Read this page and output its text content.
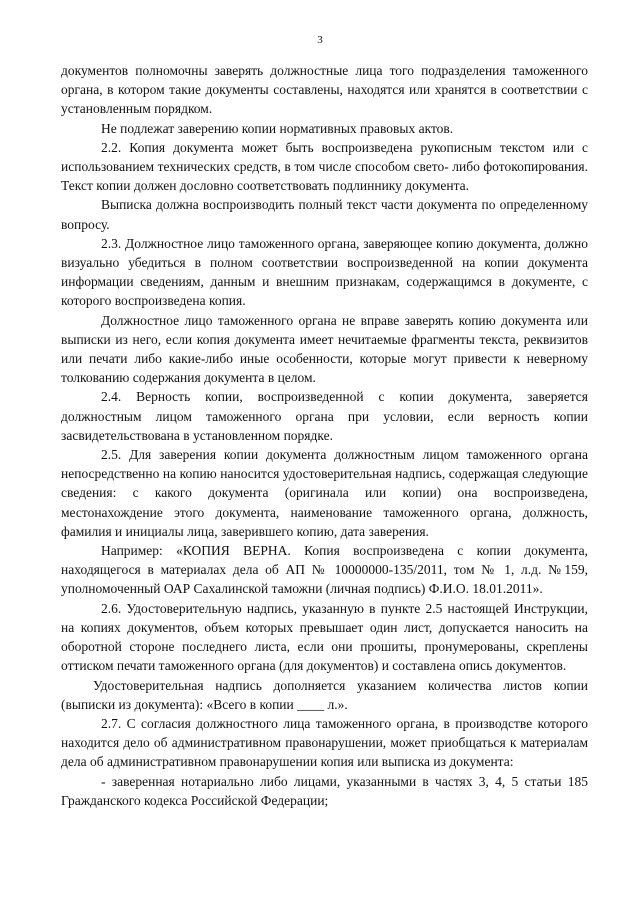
3

документов полномочны заверять должностные лица того подразделения таможенного органа, в котором такие документы составлены, находятся или хранятся в соответствии с установленным порядком.

Не подлежат заверению копии нормативных правовых актов.

2.2. Копия документа может быть воспроизведена рукописным текстом или с использованием технических средств, в том числе способом свето- либо фотокопирования. Текст копии должен дословно соответствовать подлиннику документа.

Выписка должна воспроизводить полный текст части документа по определенному вопросу.

2.3. Должностное лицо таможенного органа, заверяющее копию документа, должно визуально убедиться в полном соответствии воспроизведенной на копии документа информации сведениям, данным и внешним признакам, содержащимся в документе, с которого воспроизведена копия.

Должностное лицо таможенного органа не вправе заверять копию документа или выписки из него, если копия документа имеет нечитаемые фрагменты текста, реквизитов или печати либо какие-либо иные особенности, которые могут привести к неверному толкованию содержания документа в целом.

2.4. Верность копии, воспроизведенной с копии документа, заверяется должностным лицом таможенного органа при условии, если верность копии засвидетельствована в установленном порядке.

2.5. Для заверения копии документа должностным лицом таможенного органа непосредственно на копию наносится удостоверительная надпись, содержащая следующие сведения: с какого документа (оригинала или копии) она воспроизведена, местонахождение этого документа, наименование таможенного органа, должность, фамилия и инициалы лица, заверившего копию, дата заверения.

Например: «КОПИЯ ВЕРНА. Копия воспроизведена с копии документа, находящегося в материалах дела об АП № 10000000-135/2011, том № 1, л.д. №159, уполномоченный ОАР Сахалинской таможни (личная подпись) Ф.И.О. 18.01.2011».

2.6. Удостоверительную надпись, указанную в пункте 2.5 настоящей Инструкции, на копиях документов, объем которых превышает один лист, допускается наносить на оборотной стороне последнего листа, если они прошиты, пронумерованы, скреплены оттиском печати таможенного органа (для документов) и составлена опись документов.

Удостоверительная надпись дополняется указанием количества листов копии (выписки из документа): «Всего в копии ____ л.».

2.7. С согласия должностного лица таможенного органа, в производстве которого находится дело об административном правонарушении, может приобщаться к материалам дела об административном правонарушении копия или выписка из документа:

- заверенная нотариально либо лицами, указанными в частях 3, 4, 5 статьи 185 Гражданского кодекса Российской Федерации;
